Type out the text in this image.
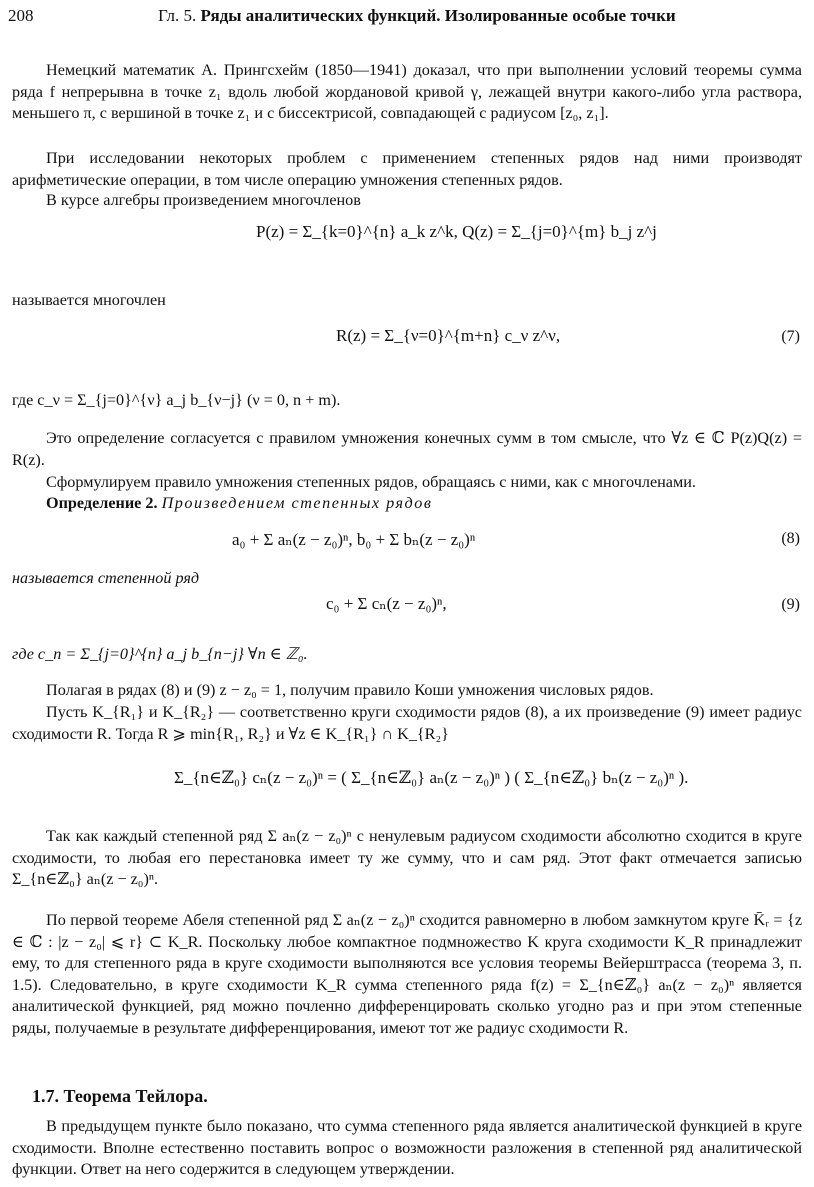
208	Гл. 5. Ряды аналитических функций. Изолированные особые точки

Немецкий математик А. Прингсхейм (1850—1941) доказал, что при выполнении условий теоремы сумма ряда f непрерывна в точке z₁ вдоль любой жордановой кривой γ, лежащей внутри какого-либо угла раствора, меньшего π, с вершиной в точке z₁ и с биссектрисой, совпадающей с радиусом [z₀, z₁].

При исследовании некоторых проблем с применением степенных рядов над ними производят арифметические операции, в том числе операцию умножения степенных рядов.

В курсе алгебры произведением многочленов

P(z) = Σ_{k=0}^{n} a_k z^k, Q(z) = Σ_{j=0}^{m} b_j z^j

называется многочлен

R(z) = Σ_{ν=0}^{m+n} c_ν z^ν,	(7)

где c_ν = Σ_{j=0}^{ν} a_j b_{ν−j} (ν = 0, n + m).

Это определение согласуется с правилом умножения конечных сумм в том смысле, что ∀z ∈ ℂ P(z)Q(z) = R(z).

Сформулируем правило умножения степенных рядов, обращаясь с ними, как с многочленами.

Определение 2. Произведением степенных рядов

a₀ + Σ aₙ(z − z₀)ⁿ, b₀ + Σ bₙ(z − z₀)ⁿ	(8)

называется степенной ряд

c₀ + Σ cₙ(z − z₀)ⁿ,	(9)

где c_n = Σ_{j=0}^{n} a_j b_{n−j} ∀n ∈ ℤ₀.

Полагая в рядах (8) и (9) z − z₀ = 1, получим правило Коши умножения числовых рядов.

Пусть K_{R₁} и K_{R₂} — соответственно круги сходимости рядов (8), а их произведение (9) имеет радиус сходимости R. Тогда R ⩾ min{R₁, R₂} и ∀z ∈ K_{R₁} ∩ K_{R₂}

Σ_{n∈ℤ₀} cₙ(z − z₀)ⁿ = ( Σ_{n∈ℤ₀} aₙ(z − z₀)ⁿ ) ( Σ_{n∈ℤ₀} bₙ(z − z₀)ⁿ ).

Так как каждый степенной ряд Σ aₙ(z − z₀)ⁿ с ненулевым радиусом сходимости абсолютно сходится в круге сходимости, то любая его перестановка имеет ту же сумму, что и сам ряд. Этот факт отмечается записью Σ_{n∈ℤ₀} aₙ(z − z₀)ⁿ.

По первой теореме Абеля степенной ряд Σ aₙ(z − z₀)ⁿ сходится равномерно в любом замкнутом круге K̄ᵣ = {z ∈ ℂ : |z − z₀| ⩽ r} ⊂ K_R. Поскольку любое компактное подмножество K круга сходимости K_R принадлежит ему, то для степенного ряда в круге сходимости выполняются все условия теоремы Вейерштрасса (теорема 3, п. 1.5). Следовательно, в круге сходимости K_R сумма степенного ряда f(z) = Σ_{n∈ℤ₀} aₙ(z − z₀)ⁿ является аналитической функцией, ряд можно почленно дифференцировать сколько угодно раз и при этом степенные ряды, получаемые в результате дифференцирования, имеют тот же радиус сходимости R.

1.7. Теорема Тейлора.

В предыдущем пункте было показано, что сумма степенного ряда является аналитической функцией в круге сходимости. Вполне естественно поставить вопрос о возможности разложения в степенной ряд аналитической функции. Ответ на него содержится в следующем утверждении.
